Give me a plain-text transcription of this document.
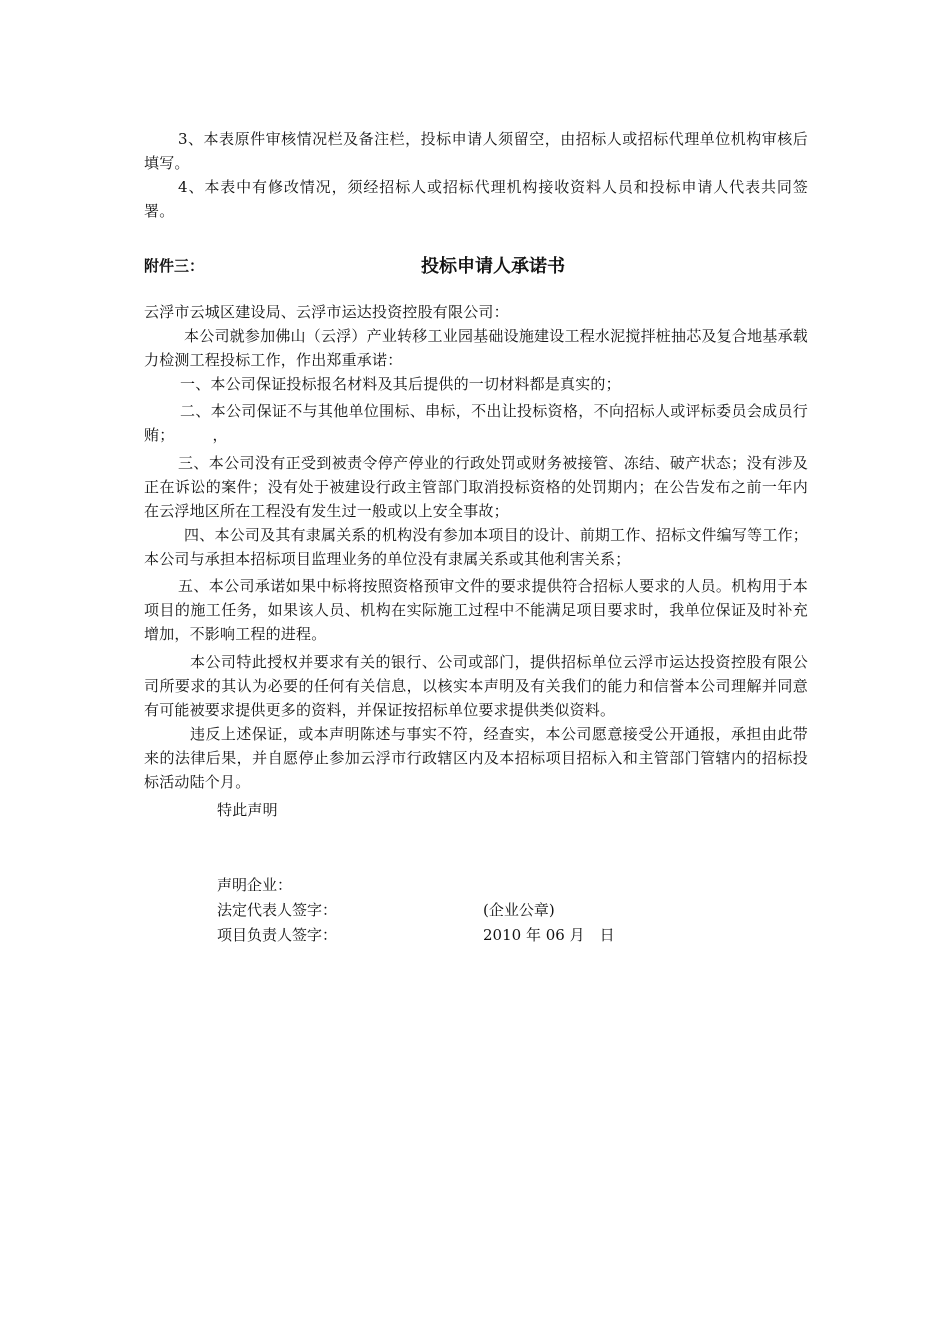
3、本表原件审核情况栏及备注栏，投标申请人须留空，由招标人或招标代理单位机构审核后填写。
4、本表中有修改情况，须经招标人或招标代理机构接收资料人员和投标申请人代表共同签署。
附件三：	投标申请人承诺书
云浮市云城区建设局、云浮市运达投资控股有限公司：
本公司就参加佛山（云浮）产业转移工业园基础设施建设工程水泥搅拌桩抽芯及复合地基承载力检测工程投标工作，作出郑重承诺：
一、本公司保证投标报名材料及其后提供的一切材料都是真实的；
二、本公司保证不与其他单位围标、串标，不出让投标资格，不向招标人或评标委员会成员行贿；　　　，
三、本公司没有正受到被责令停产停业的行政处罚或财务被接管、冻结、破产状态；没有涉及正在诉讼的案件；没有处于被建设行政主管部门取消投标资格的处罚期内；在公告发布之前一年内在云浮地区所在工程没有发生过一般或以上安全事故；
四、本公司及其有隶属关系的机构没有参加本项目的设计、前期工作、招标文件编写等工作；本公司与承担本招标项目监理业务的单位没有隶属关系或其他利害关系；
五、本公司承诺如果中标将按照资格预审文件的要求提供符合招标人要求的人员。机构用于本项目的施工任务，如果该人员、机构在实际施工过程中不能满足项目要求时，我单位保证及时补充增加，不影响工程的进程。
本公司特此授权并要求有关的银行、公司或部门，提供招标单位云浮市运达投资控股有限公司所要求的其认为必要的任何有关信息，以核实本声明及有关我们的能力和信誉本公司理解并同意有可能被要求提供更多的资料，并保证按招标单位要求提供类似资料。
违反上述保证，或本声明陈述与事实不符，经查实，本公司愿意接受公开通报，承担由此带来的法律后果，并自愿停止参加云浮市行政辖区内及本招标项目招标入和主管部门管辖内的招标投标活动陆个月。
特此声明
声明企业：
法定代表人签字：	(企业公章)
项目负责人签字：	2010 年 06 月　日
